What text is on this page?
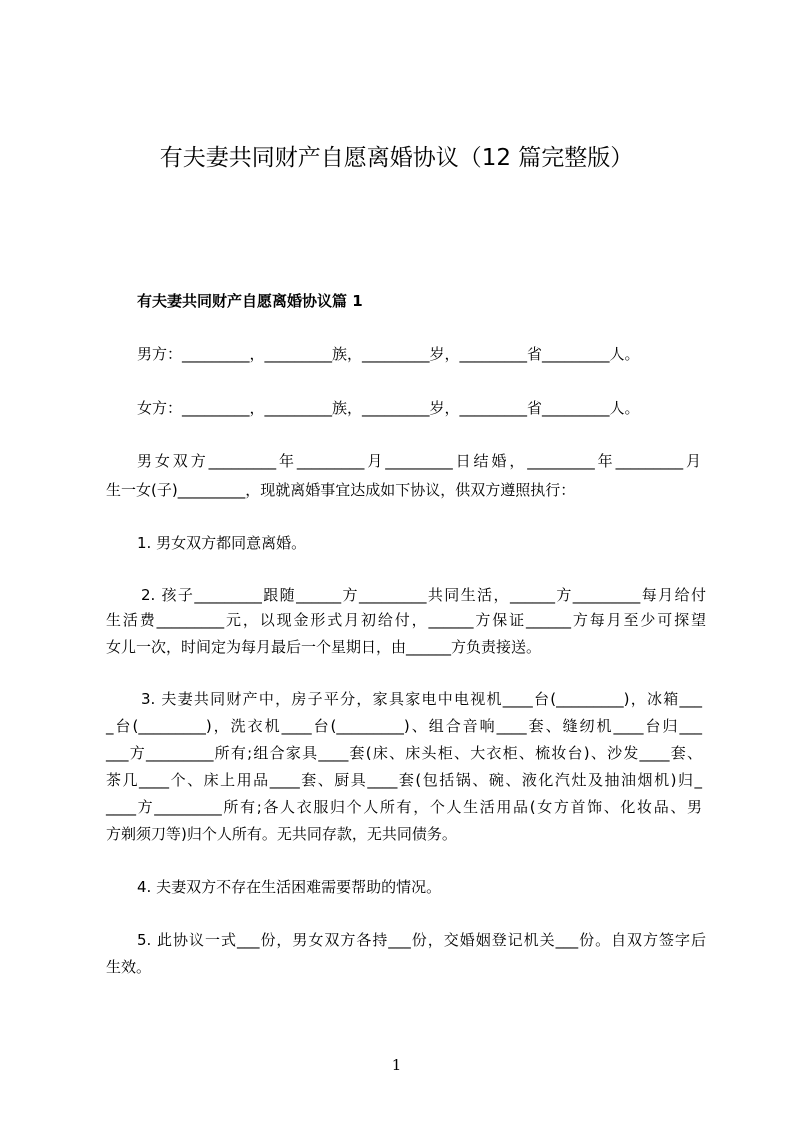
有夫妻共同财产自愿离婚协议（12 篇完整版）
有夫妻共同财产自愿离婚协议篇 1
男方：_________，_________族，_________岁，_________省_________人。
女方：_________，_________族，_________岁，_________省_________人。
男女双方_________年_________月_________日结婚，_________年_________月
生一女(子)_________，现就离婚事宜达成如下协议，供双方遵照执行：
1. 男女双方都同意离婚。
2. 孩子_________跟随______方_________共同生活，______方_________每月给付
生活费_________元，以现金形式月初给付，______方保证______方每月至少可探望
女儿一次，时间定为每月最后一个星期日，由______方负责接送。
3. 夫妻共同财产中，房子平分，家具家电中电视机____台(_________)，冰箱___
_台(_________)，洗衣机____台(_________)、组合音响____套、缝纫机____台归___
___方_________所有;组合家具____套(床、床头柜、大衣柜、梳妆台)、沙发____套、
茶几____个、床上用品____套、厨具____套(包括锅、碗、液化汽灶及抽油烟机)归_
____方_________所有;各人衣服归个人所有，个人生活用品(女方首饰、化妆品、男
方剃须刀等)归个人所有。无共同存款，无共同债务。
4. 夫妻双方不存在生活困难需要帮助的情况。
5. 此协议一式___份，男女双方各持___份，交婚姻登记机关___份。自双方签字后
生效。
1
